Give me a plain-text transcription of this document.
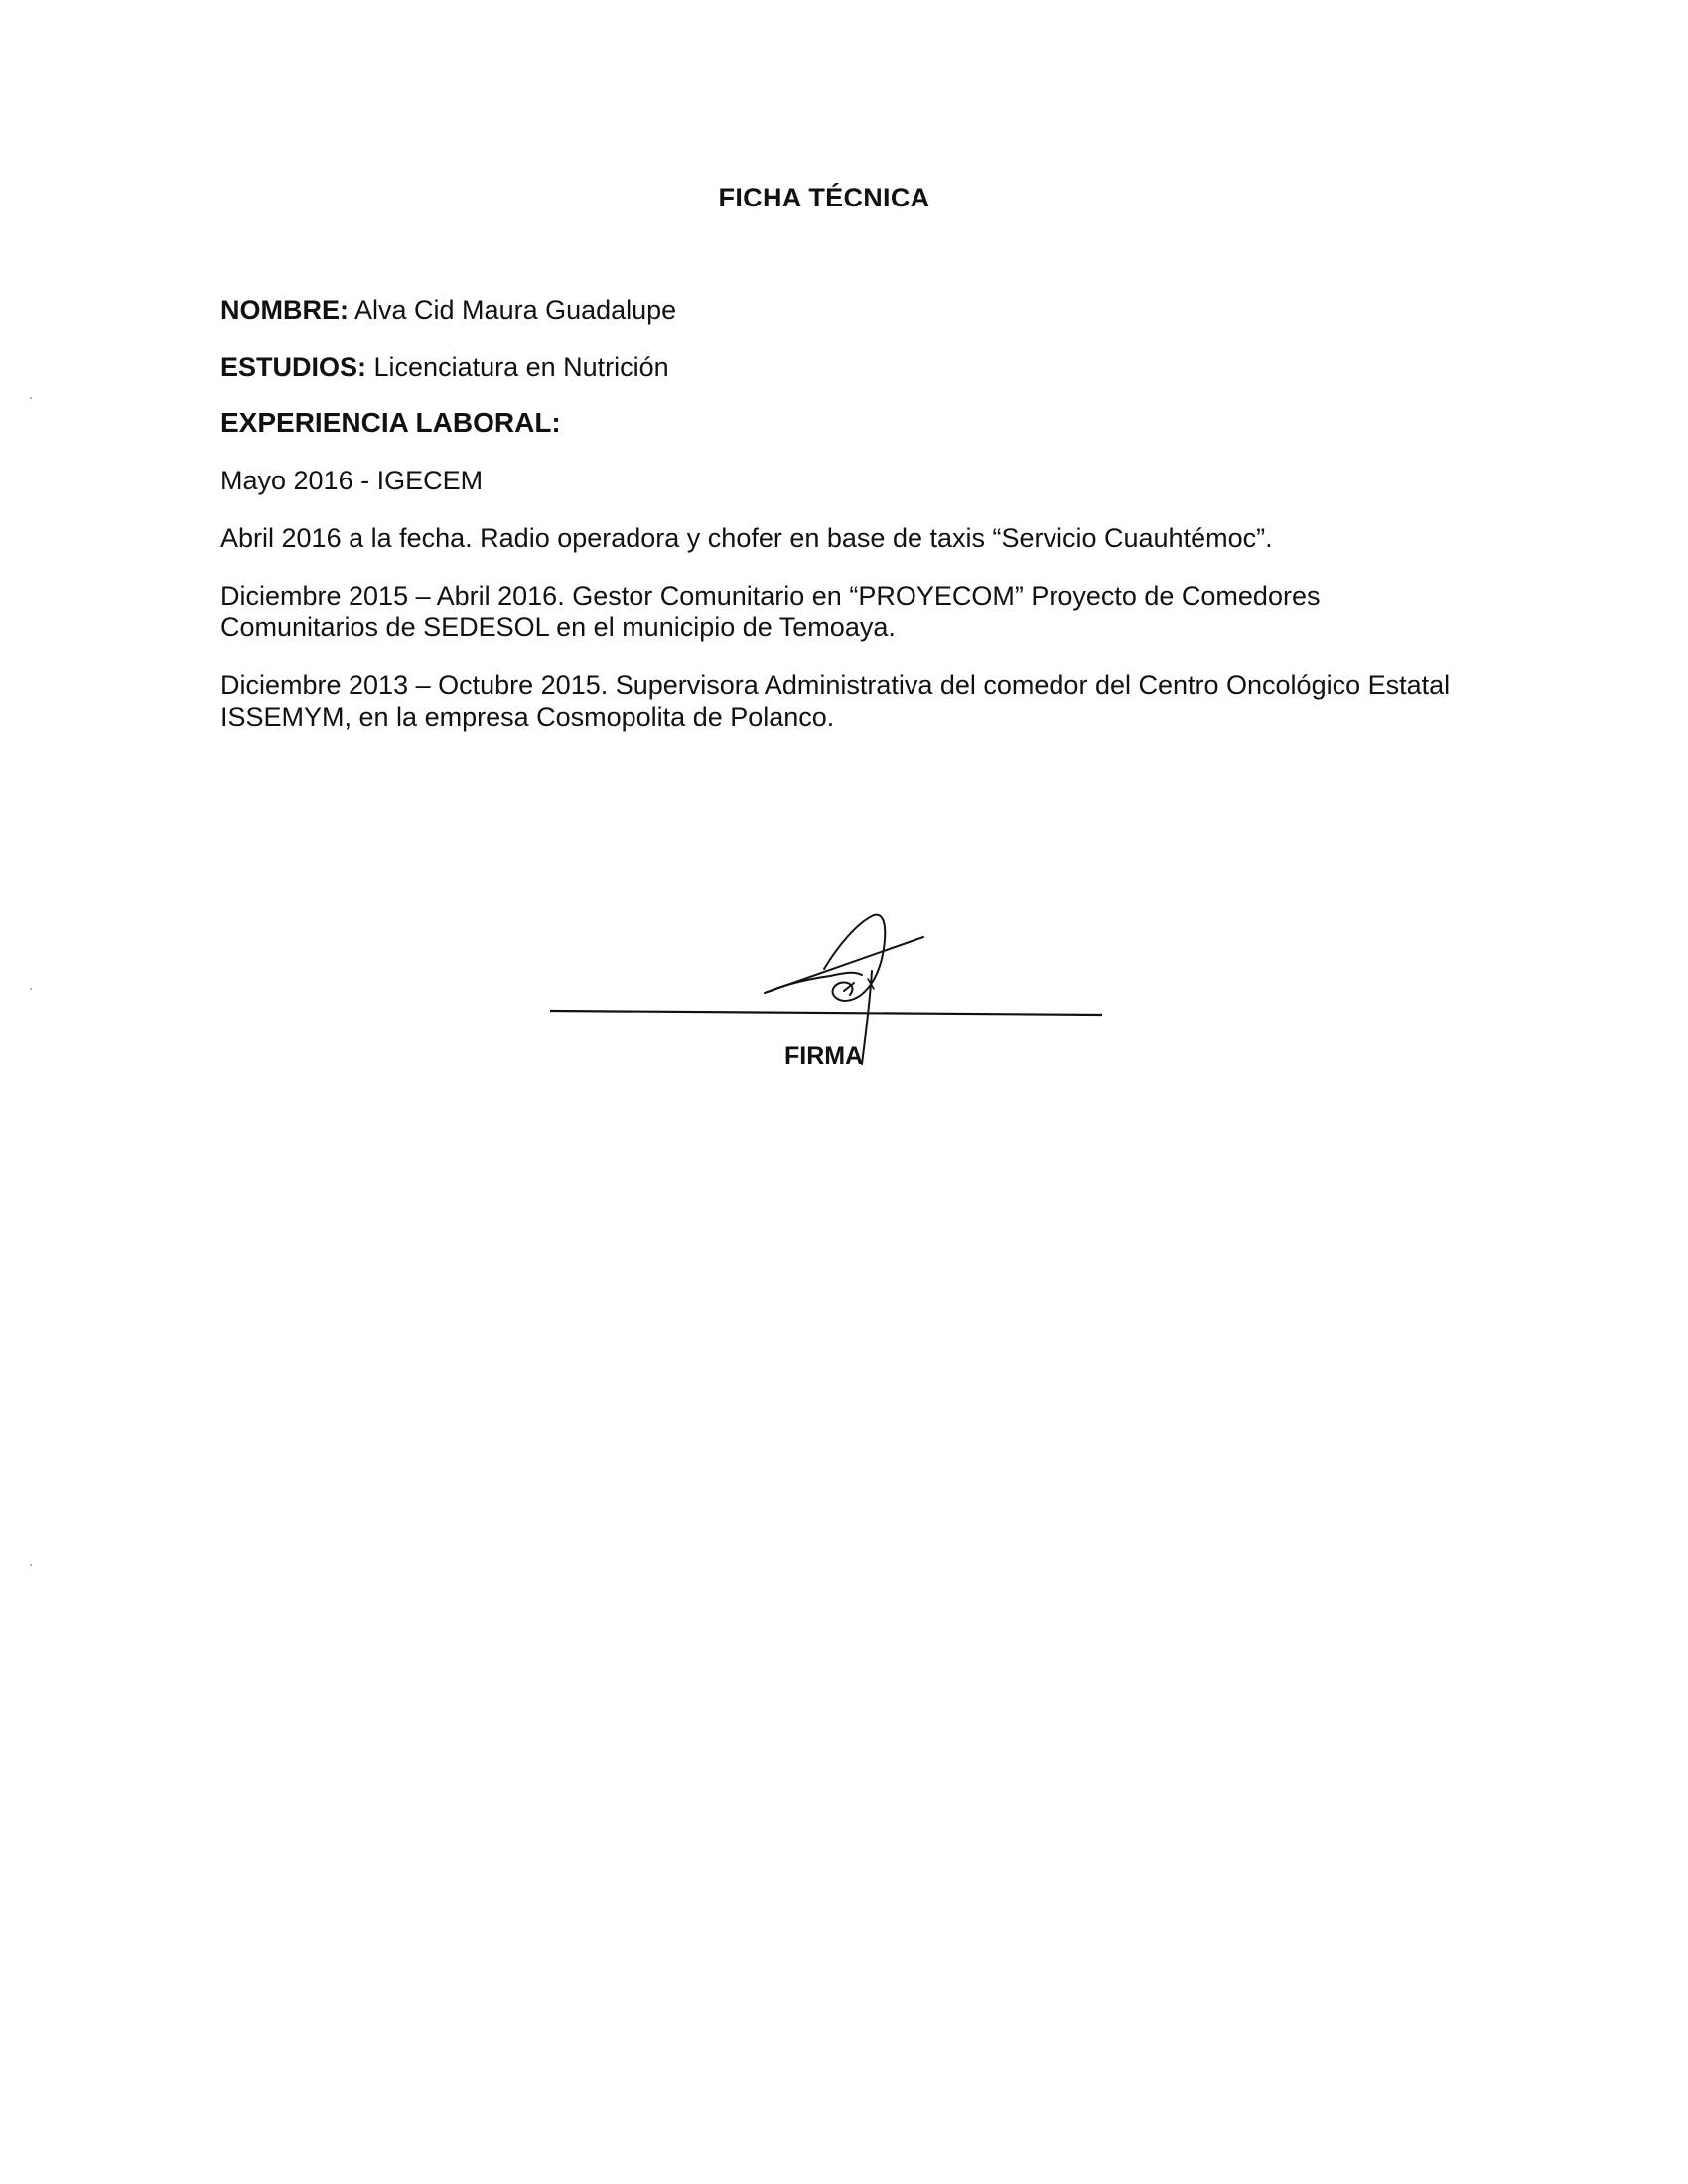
FICHA TÉCNICA
NOMBRE: Alva Cid Maura Guadalupe
ESTUDIOS: Licenciatura en Nutrición
EXPERIENCIA LABORAL:
Mayo 2016 - IGECEM
Abril 2016 a la fecha. Radio operadora y chofer en base de taxis “Servicio Cuauhtémoc”.
Diciembre 2015 – Abril 2016. Gestor Comunitario en “PROYECOM” Proyecto de Comedores Comunitarios de SEDESOL en el municipio de Temoaya.
Diciembre 2013 – Octubre 2015. Supervisora Administrativa del comedor del Centro Oncológico Estatal ISSEMYM, en la empresa Cosmopolita de Polanco.
FIRMA
